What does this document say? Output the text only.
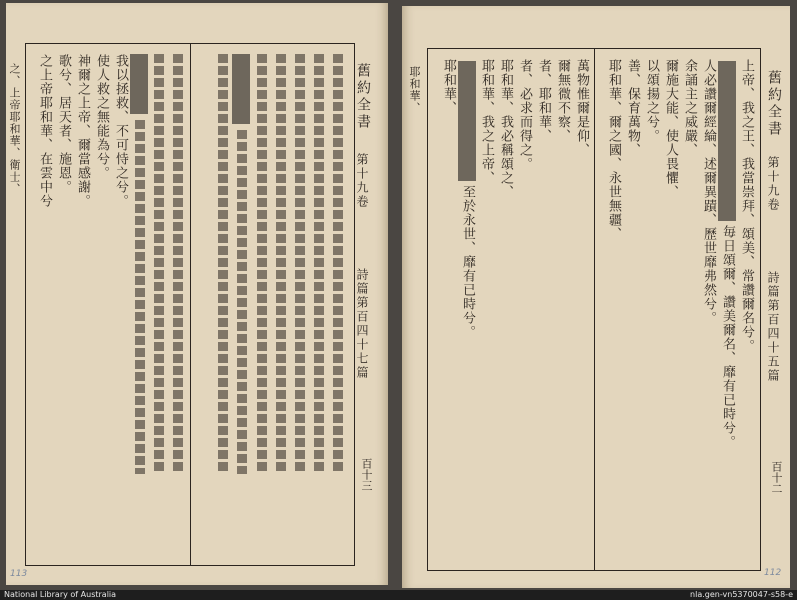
舊約全書
第十九卷
詩篇第百四十七篇
百十三
我以拯救、不可恃之兮。
使人救之無能為兮。
神爾之上帝、爾當感謝。
歌兮、居天者、施恩。
之上帝耶和華、在雲中兮
之、上帝耶和華、衛士、
113
舊約全書
第十九卷
詩篇第百四十五篇
百十二
上帝、我之王、我當崇拜、頌美、常讚爾名兮。
毎日頌爾、讚美爾名、靡有已時兮。
人必讚爾經綸、述爾異蹟、歷世靡弗然兮。
余誦主之威嚴、
爾施大能、使人畏懼、
以頌揚之兮。
善、保育萬物、
耶和華、爾之國、永世無疆、
萬物惟爾是仰、
爾無微不察、
者、耶和華、
者、必求而得之。
耶和華、我必稱頌之、
耶和華、我之上帝、
至於永世、靡有已時兮。
耶和華、
耶和華、
112
National Library of Australia	nla.gen-vn5370047-s58-e
